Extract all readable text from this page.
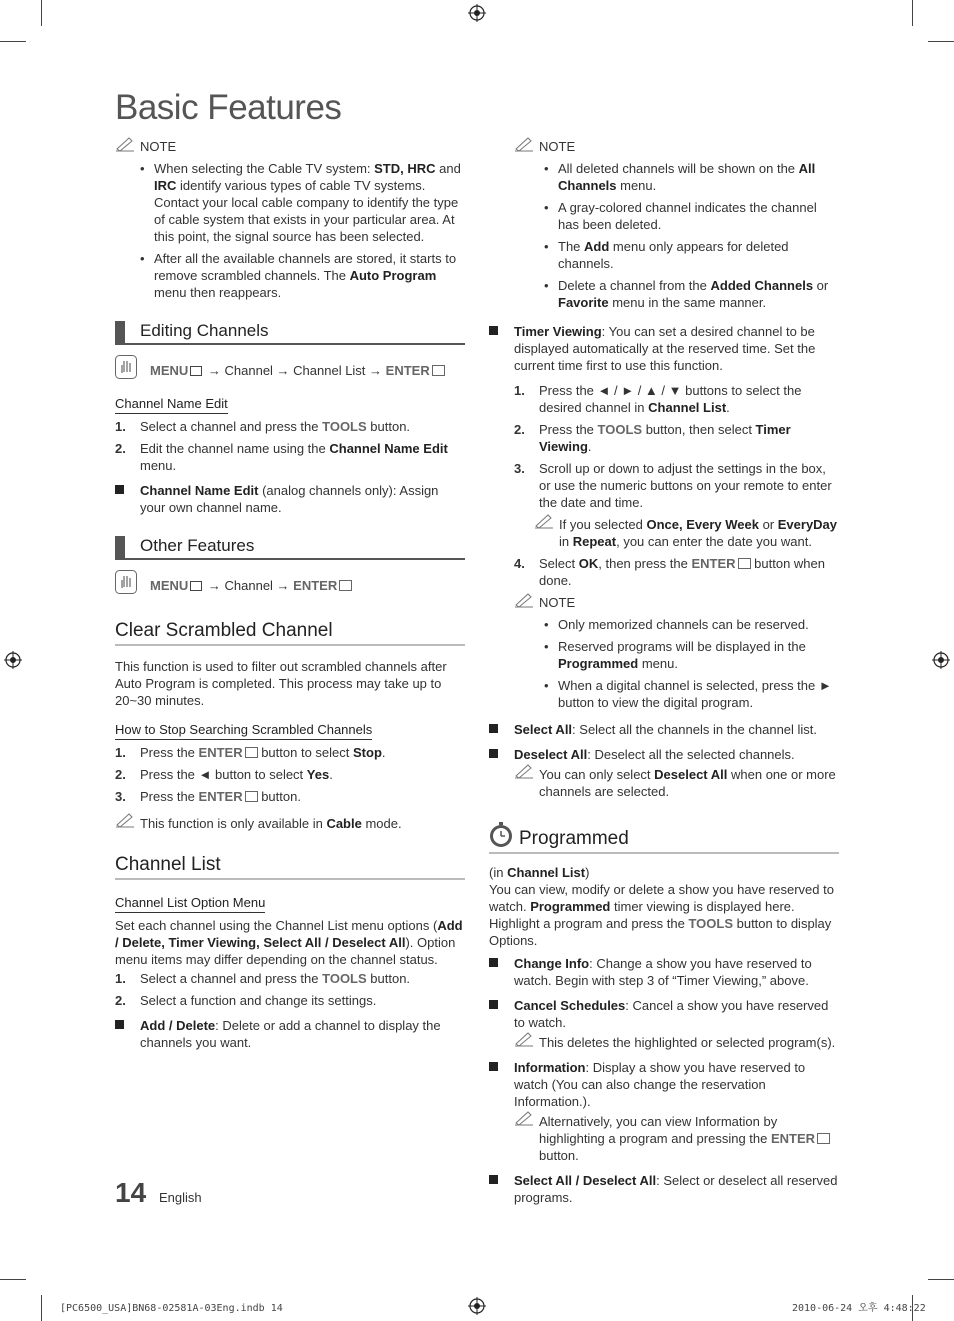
Basic Features
NOTE
• When selecting the Cable TV system: STD, HRC and IRC identify various types of cable TV systems. Contact your local cable company to identify the type of cable system that exists in your particular area. At this point, the signal source has been selected.
• After all the available channels are stored, it starts to remove scrambled channels. The Auto Program menu then reappears.
Editing Channels
MENU → Channel → Channel List → ENTER
Channel Name Edit
1. Select a channel and press the TOOLS button.
2. Edit the channel name using the Channel Name Edit menu.
Channel Name Edit (analog channels only): Assign your own channel name.
Other Features
MENU → Channel → ENTER
Clear Scrambled Channel
This function is used to filter out scrambled channels after Auto Program is completed. This process may take up to 20~30 minutes.
How to Stop Searching Scrambled Channels
1. Press the ENTER button to select Stop.
2. Press the ◄ button to select Yes.
3. Press the ENTER button.
This function is only available in Cable mode.
Channel List
Channel List Option Menu
Set each channel using the Channel List menu options (Add / Delete, Timer Viewing, Select All / Deselect All). Option menu items may differ depending on the channel status.
1. Select a channel and press the TOOLS button.
2. Select a function and change its settings.
Add / Delete: Delete or add a channel to display the channels you want.
NOTE
• All deleted channels will be shown on the All Channels menu.
• A gray-colored channel indicates the channel has been deleted.
• The Add menu only appears for deleted channels.
• Delete a channel from the Added Channels or Favorite menu in the same manner.
Timer Viewing: You can set a desired channel to be displayed automatically at the reserved time. Set the current time first to use this function.
1. Press the ◄ / ► / ▲ / ▼ buttons to select the desired channel in Channel List.
2. Press the TOOLS button, then select Timer Viewing.
3. Scroll up or down to adjust the settings in the box, or use the numeric buttons on your remote to enter the date and time.
If you selected Once, Every Week or EveryDay in Repeat, you can enter the date you want.
4. Select OK, then press the ENTER button when done.
NOTE
• Only memorized channels can be reserved.
• Reserved programs will be displayed in the Programmed menu.
• When a digital channel is selected, press the ► button to view the digital program.
Select All: Select all the channels in the channel list.
Deselect All: Deselect all the selected channels.
You can only select Deselect All when one or more channels are selected.
Programmed
(in Channel List)
You can view, modify or delete a show you have reserved to watch. Programmed timer viewing is displayed here. Highlight a program and press the TOOLS button to display Options.
Change Info: Change a show you have reserved to watch. Begin with step 3 of “Timer Viewing,” above.
Cancel Schedules: Cancel a show you have reserved to watch.
This deletes the highlighted or selected program(s).
Information: Display a show you have reserved to watch (You can also change the reservation Information.).
Alternatively, you can view Information by highlighting a program and pressing the ENTER button.
Select All / Deselect All: Select or deselect all reserved programs.
14 English
[PC6500_USA]BN68-02581A-03Eng.indb 14	2010-06-24 오후 4:48:22
